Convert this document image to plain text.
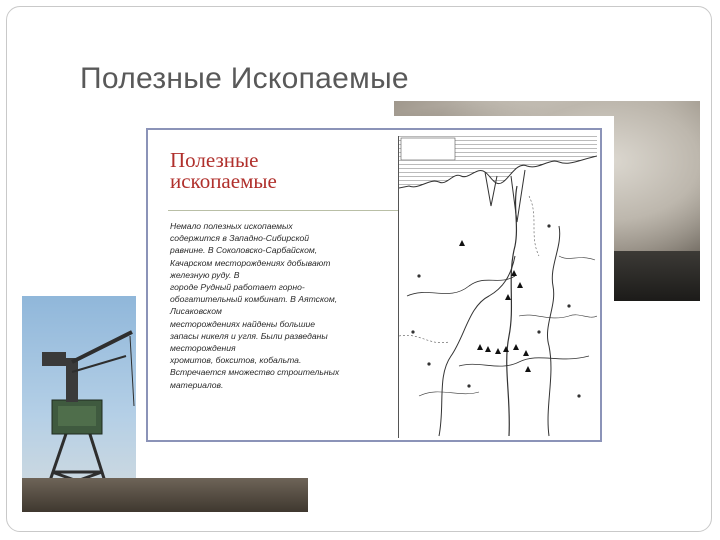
Полезные Ископаемые
Полезные
ископаемые
Немало полезных ископаемых
содержится в Западно-Сибирской
равнине. В Соколовско-Сарбайском,
Качарском месторождениях добывают
железную руду. В
городе Рудный работает горно-
обогатительный комбинат. В Аятском,
Лисаковском
месторождениях найдены большие
запасы никеля и угля. Были разведаны
месторождения
хромитов, бокситов, кобальта.
Встречается множество строительных
материалов.
